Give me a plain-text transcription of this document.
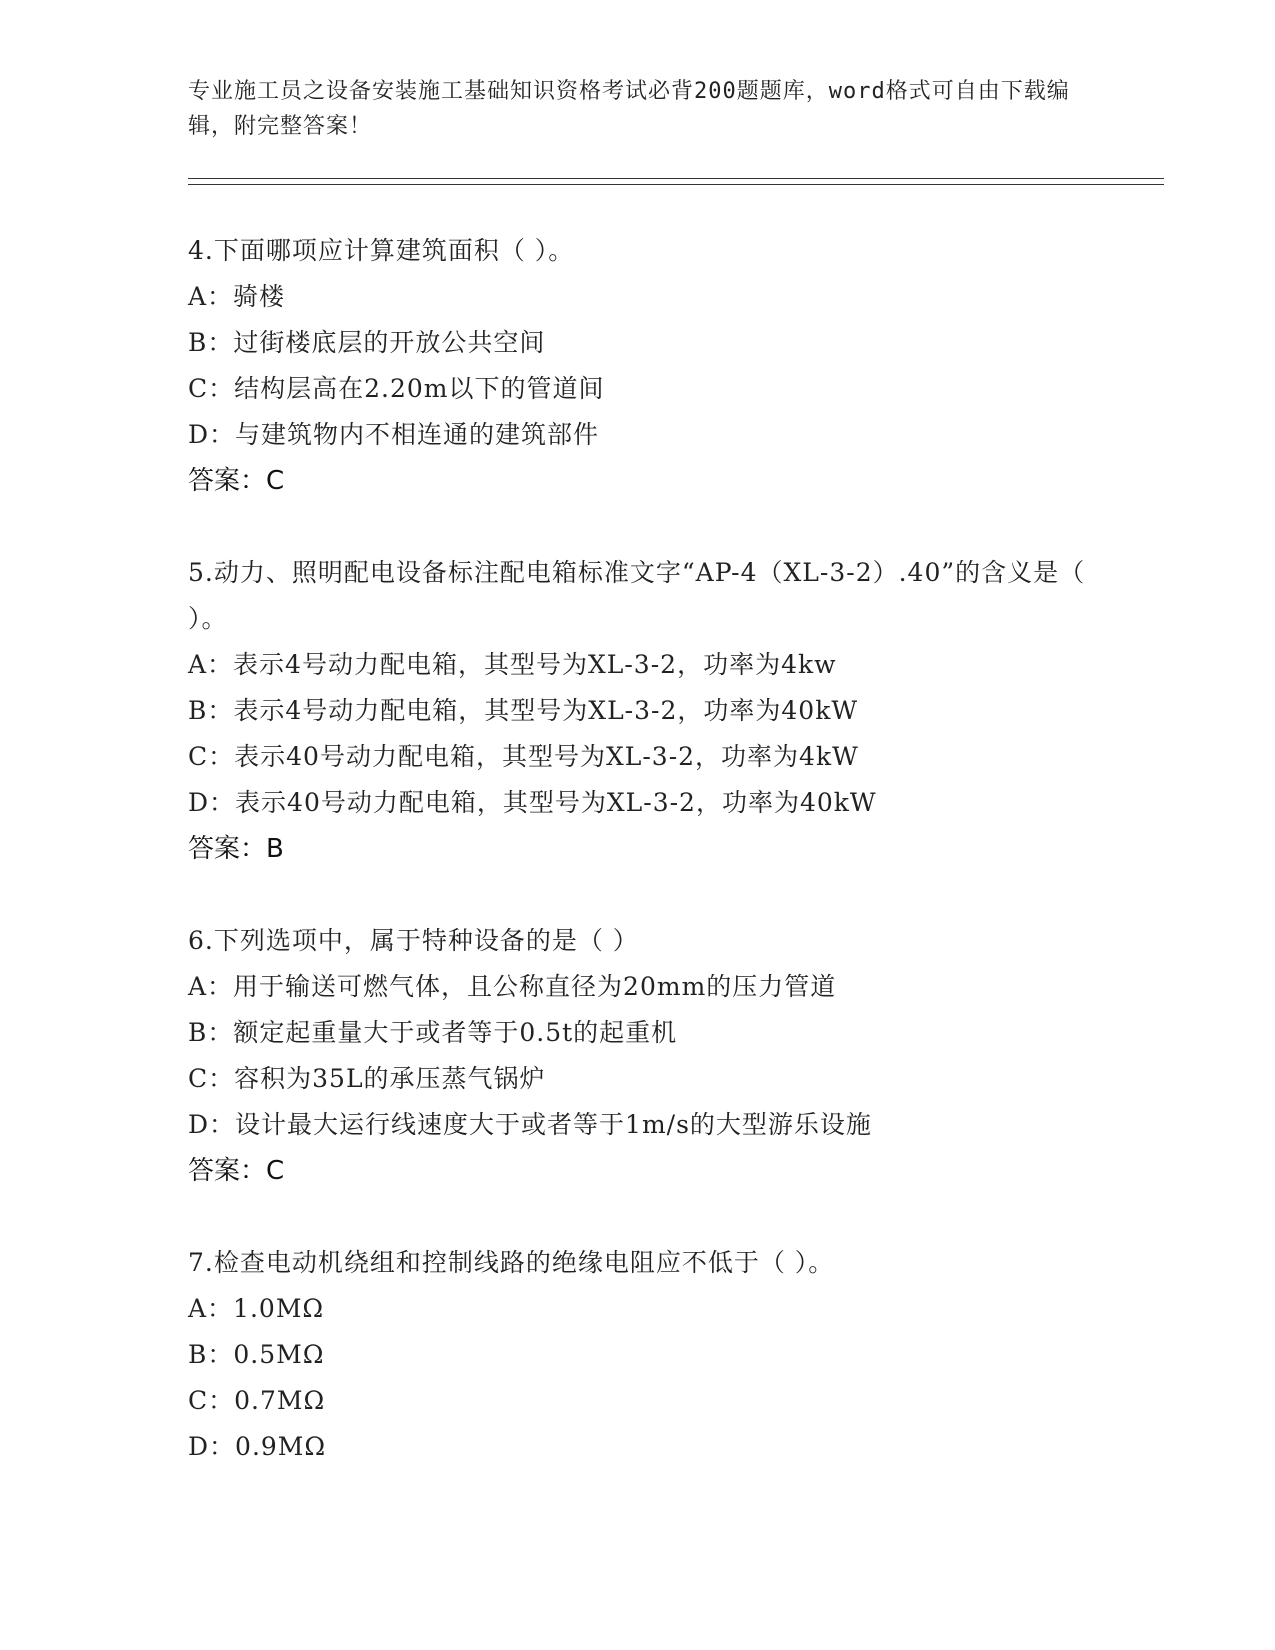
专业施工员之设备安装施工基础知识资格考试必背200题题库，word格式可自由下载编辑，附完整答案！
4.下面哪项应计算建筑面积（ ）。
A：骑楼
B：过街楼底层的开放公共空间
C：结构层高在2.20m以下的管道间
D：与建筑物内不相连通的建筑部件
答案：C
5.动力、照明配电设备标注配电箱标准文字“AP-4（XL-3-2）.40”的含义是（ ）。
A：表示4号动力配电箱，其型号为XL-3-2，功率为4kw
B：表示4号动力配电箱，其型号为XL-3-2，功率为40kW
C：表示40号动力配电箱，其型号为XL-3-2，功率为4kW
D：表示40号动力配电箱，其型号为XL-3-2，功率为40kW
答案：B
6.下列选项中，属于特种设备的是（ ）
A：用于输送可燃气体，且公称直径为20mm的压力管道
B：额定起重量大于或者等于0.5t的起重机
C：容积为35L的承压蒸气锅炉
D：设计最大运行线速度大于或者等于1m/s的大型游乐设施
答案：C
7.检查电动机绕组和控制线路的绝缘电阻应不低于（ ）。
A：1.0MΩ
B：0.5MΩ
C：0.7MΩ
D：0.9MΩ
